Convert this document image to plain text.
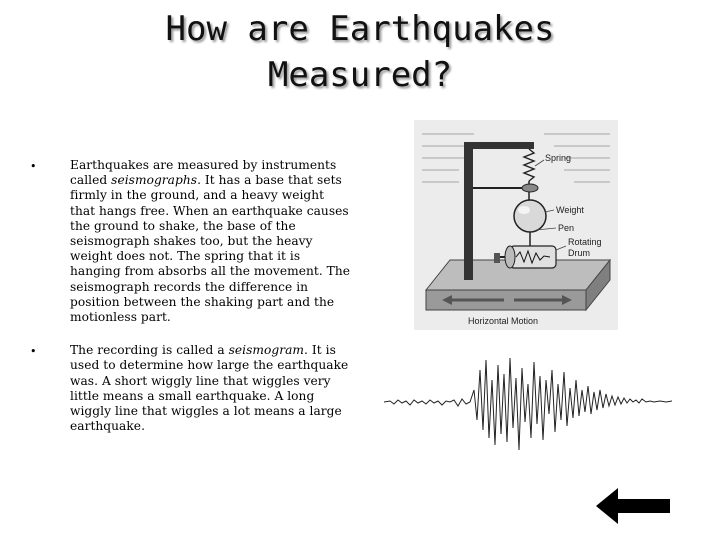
How are Earthquakes
Measured?
•	Earthquakes are measured by instruments called seismographs. It has a base that sets firmly in the ground, and a heavy weight that hangs free. When an earthquake causes the ground to shake, the base of the seismograph shakes too, but the heavy weight does not. The spring that it is hanging from absorbs all the movement. The seismograph records the difference in position between the shaking part and the motionless part.
•	The recording is called a seismogram. It is used to determine how large the earthquake was. A short wiggly line that wiggles very little means a small earthquake. A long wiggly line that wiggles a lot means a large earthquake.
Spring
Weight
Pen
Rotating
Drum
Horizontal Motion
